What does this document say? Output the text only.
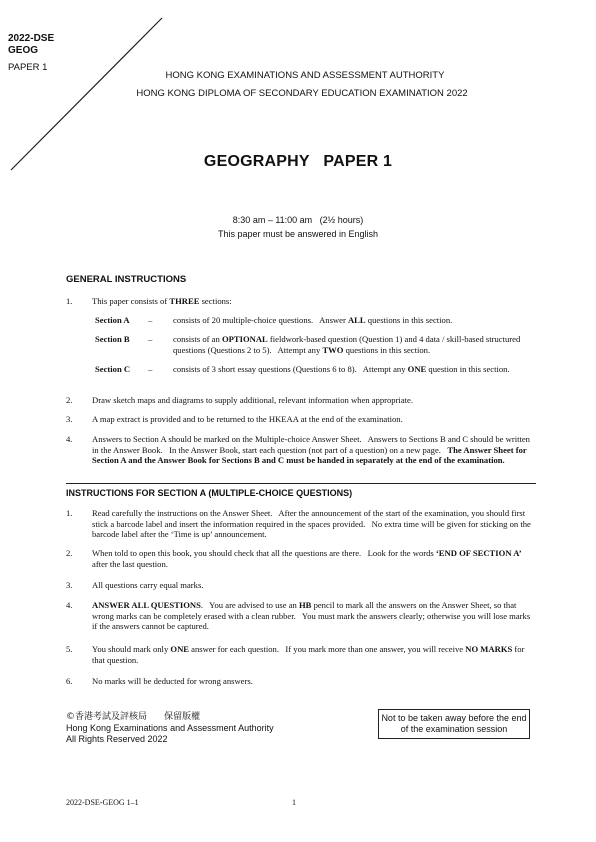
2022-DSE
GEOG
PAPER 1
HONG KONG EXAMINATIONS AND ASSESSMENT AUTHORITY
HONG KONG DIPLOMA OF SECONDARY EDUCATION EXAMINATION 2022
GEOGRAPHY   PAPER 1
8:30 am – 11:00 am   (2½ hours)
This paper must be answered in English
GENERAL INSTRUCTIONS
1. This paper consists of THREE sections:
Section A – consists of 20 multiple-choice questions.   Answer ALL questions in this section.
Section B – consists of an OPTIONAL fieldwork-based question (Question 1) and 4 data / skill-based structured questions (Questions 2 to 5).   Attempt any TWO questions in this section.
Section C – consists of 3 short essay questions (Questions 6 to 8).   Attempt any ONE question in this section.
2. Draw sketch maps and diagrams to supply additional, relevant information when appropriate.
3. A map extract is provided and to be returned to the HKEAA at the end of the examination.
4. Answers to Section A should be marked on the Multiple-choice Answer Sheet.   Answers to Sections B and C should be written in the Answer Book.   In the Answer Book, start each question (not part of a question) on a new page.   The Answer Sheet for Section A and the Answer Book for Sections B and C must be handed in separately at the end of the examination.
INSTRUCTIONS FOR SECTION A (MULTIPLE-CHOICE QUESTIONS)
1. Read carefully the instructions on the Answer Sheet.   After the announcement of the start of the examination, you should first stick a barcode label and insert the information required in the spaces provided.   No extra time will be given for sticking on the barcode label after the ‘Time is up’ announcement.
2. When told to open this book, you should check that all the questions are there.   Look for the words ‘END OF SECTION A’ after the last question.
3. All questions carry equal marks.
4. ANSWER ALL QUESTIONS.   You are advised to use an HB pencil to mark all the answers on the Answer Sheet, so that wrong marks can be completely erased with a clean rubber.   You must mark the answers clearly; otherwise you will lose marks if the answers cannot be captured.
5. You should mark only ONE answer for each question.   If you mark more than one answer, you will receive NO MARKS for that question.
6. No marks will be deducted for wrong answers.
©香港考試及評核局      保留版權
Hong Kong Examinations and Assessment Authority
All Rights Reserved 2022
Not to be taken away before the end of the examination session
2022-DSE-GEOG 1–1	1
